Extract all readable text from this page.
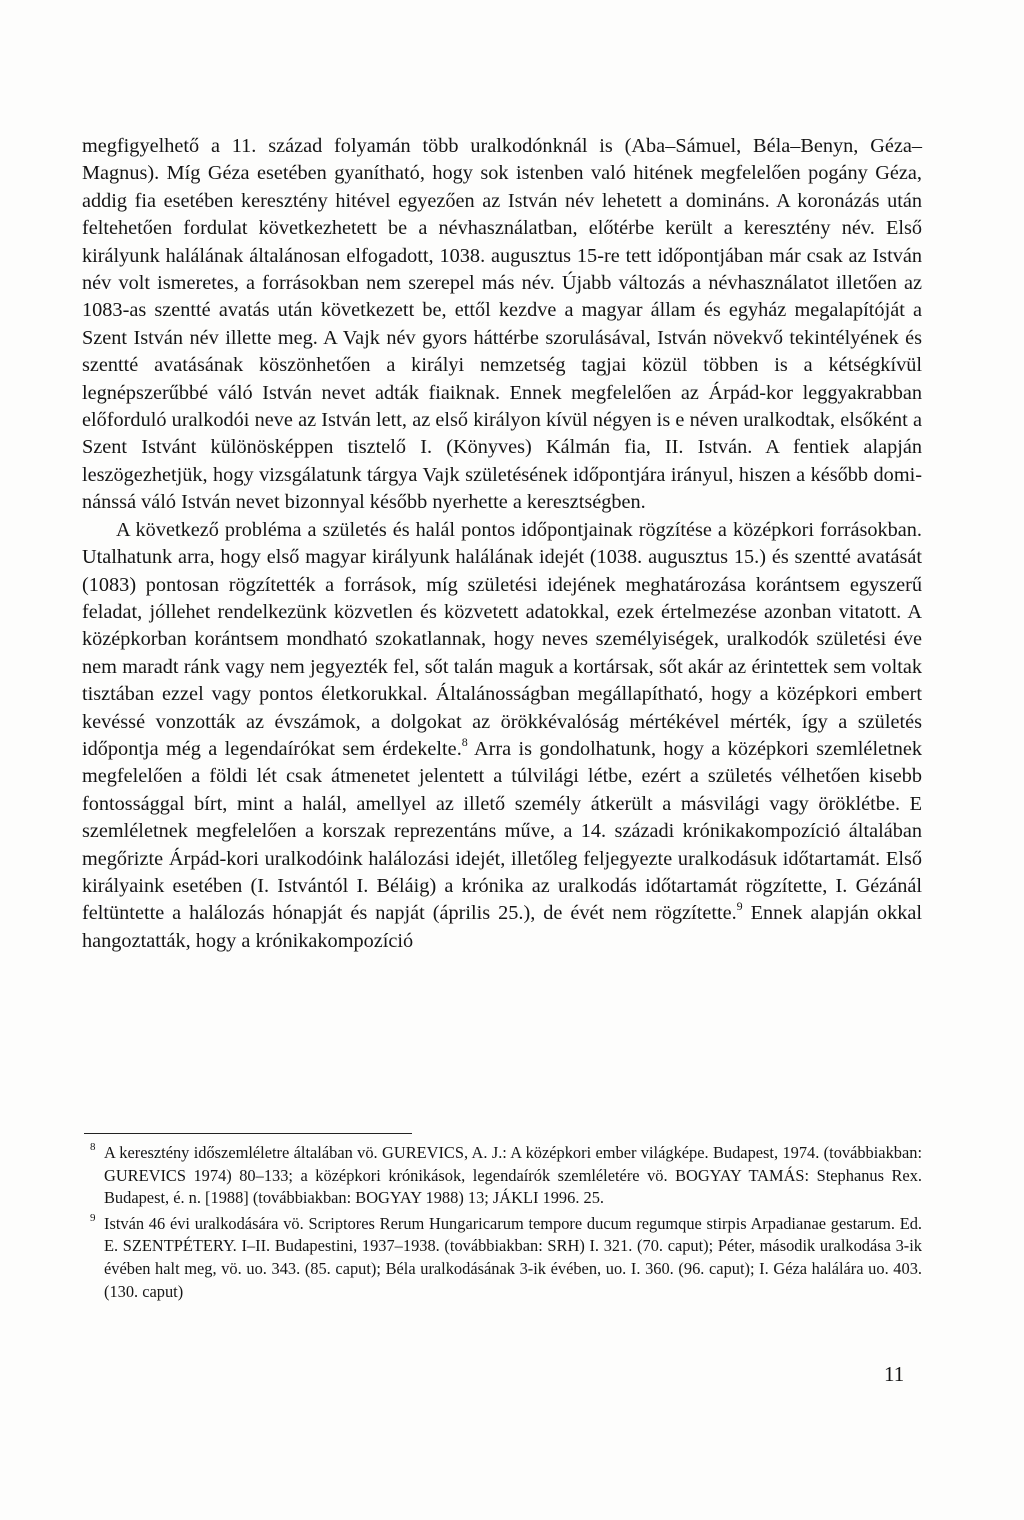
megfigyelhető a 11. század folyamán több uralkodónknál is (Aba–Sámuel, Béla–Benyn, Géza–Magnus). Míg Géza esetében gyanítható, hogy sok istenben való hitének megfelelően pogány Géza, addig fia esetében keresztény hitével egyezően az István név lehetett a domináns. A koronázás után feltehetően fordulat következhetett be a névhasználatban, előtérbe került a keresztény név. Első királyunk halálának általánosan elfogadott, 1038. augusztus 15-re tett időpontjában már csak az István név volt ismeretes, a forrásokban nem szerepel más név. Újabb változás a névhasználatot illetően az 1083-as szentté avatás után következett be, ettől kezdve a magyar állam és egyház megalapítóját a Szent István név illette meg. A Vajk név gyors háttérbe szorulásával, István növekvő tekintélyének és szentté avatásának köszönhetően a királyi nemzetség tagjai közül többen is a kétségkívül legnépszerűbbé váló István nevet adták fiaiknak. Ennek megfelelően az Árpád-kor leggyakrabban előforduló uralkodói neve az István lett, az első királyon kívül négyen is e néven uralkodtak, elsőként a Szent Istvánt különösképpen tisztelő I. (Könyves) Kálmán fia, II. István. A fentiek alapján leszögezhetjük, hogy vizsgálatunk tárgya Vajk születésének időpontjára irányul, hiszen a később dominánssá váló István nevet bizonnyal később nyerhette a keresztségben.

A következő probléma a születés és halál pontos időpontjainak rögzítése a középkori forrásokban. Utalhatunk arra, hogy első magyar királyunk halálának idejét (1038. augusztus 15.) és szentté avatását (1083) pontosan rögzítették a források, míg születési idejének meghatározása korántsem egyszerű feladat, jóllehet rendelkezünk közvetlen és közvetett adatokkal, ezek értelmezése azonban vitatott. A középkorban korántsem mondható szokatlannak, hogy neves személyiségek, uralkodók születési éve nem maradt ránk vagy nem jegyezték fel, sőt talán maguk a kortársak, sőt akár az érintettek sem voltak tisztában ezzel vagy pontos életkorukkal. Általánosságban megállapítható, hogy a középkori embert kevéssé vonzották az évszámok, a dolgokat az örökkévalóság mértékével mérték, így a születés időpontja még a legendaírókat sem érdekelte.$^8$ Arra is gondolhatunk, hogy a középkori szemléletnek megfelelően a földi lét csak átmenetet jelentett a túlvilági létbe, ezért a születés vélhetően kisebb fontossággal bírt, mint a halál, amellyel az illető személy átkerült a másvilági vagy öröklétbe. E szemléletnek megfelelően a korszak reprezentáns műve, a 14. századi krónikakompozíció általában megőrizte Árpád-kori uralkodóink halálozási idejét, illetőleg feljegyezte uralkodásuk időtartamát. Első királyaink esetében (I. Istvántól I. Béláig) a krónika az uralkodás időtartamát rögzítette, I. Gézánál feltüntette a halálozás hónapját és napját (április 25.), de évét nem rögzítette.$^9$ Ennek alapján okkal hangoztatták, hogy a krónikakompozíció

8 A keresztény időszemléletre általában vö. GUREVICS, A. J.: A középkori ember világképe. Budapest, 1974. (továbbiakban: GUREVICS 1974) 80–133; a középkori krónikások, legendaírók szemléletére vö. BOGYAY TAMÁS: Stephanus Rex. Budapest, é. n. [1988] (továbbiakban: BOGYAY 1988) 13; JÁKLI 1996. 25.

9 István 46 évi uralkodására vö. Scriptores Rerum Hungaricarum tempore ducum regumque stirpis Arpadianae gestarum. Ed. E. SZENTPÉTERY. I–II. Budapestini, 1937–1938. (továbbiakban: SRH) I. 321. (70. caput); Péter, második uralkodása 3-ik évében halt meg, vö. uo. 343. (85. caput); Béla uralkodásának 3-ik évében, uo. I. 360. (96. caput); I. Géza halálára uo. 403. (130. caput)

11
